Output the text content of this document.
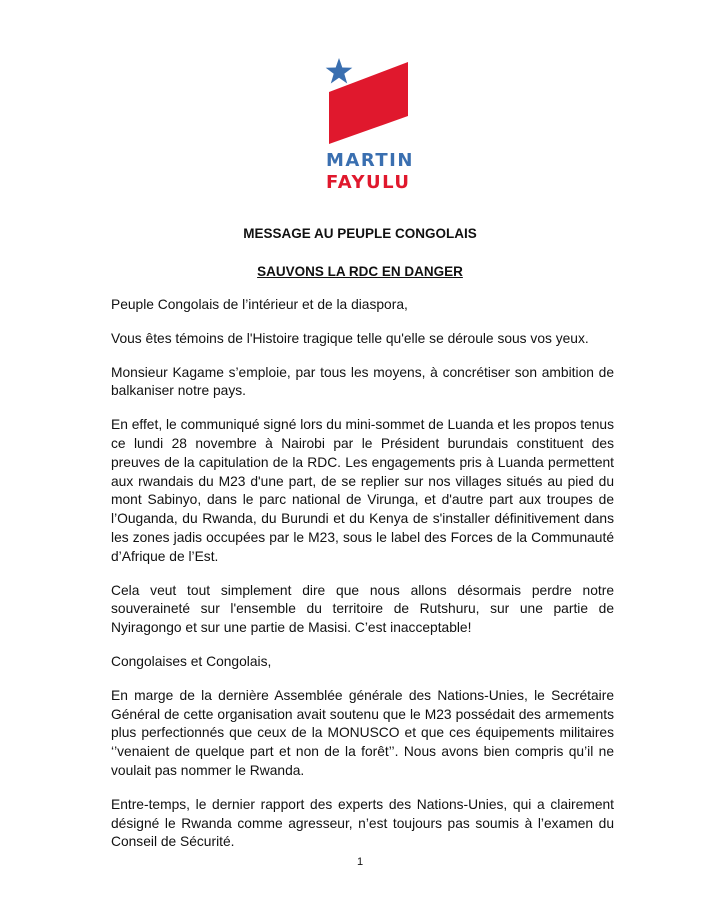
MARTIN
FAYULU
MESSAGE AU PEUPLE CONGOLAIS
SAUVONS LA RDC EN DANGER

Peuple Congolais de l’intérieur et de la diaspora,

Vous êtes témoins de l'Histoire tragique telle qu'elle se déroule sous vos yeux.

Monsieur Kagame s’emploie, par tous les moyens, à concrétiser son ambition de balkaniser notre pays.

En effet, le communiqué signé lors du mini-sommet de Luanda et les propos tenus ce lundi 28 novembre à Nairobi par le Président burundais constituent des preuves de la capitulation de la RDC. Les engagements pris à Luanda permettent aux rwandais du M23 d'une part, de se replier sur nos villages situés au pied du mont Sabinyo, dans le parc national de Virunga, et d'autre part aux troupes de l’Ouganda, du Rwanda, du Burundi et du Kenya de s'installer définitivement dans les zones jadis occupées par le M23, sous le label des Forces de la Communauté d’Afrique de l’Est.

Cela veut tout simplement dire que nous allons désormais perdre notre souveraineté sur l'ensemble du territoire de Rutshuru, sur une partie de Nyiragongo et sur une partie de Masisi. C’est inacceptable!

Congolaises et Congolais,

En marge de la dernière Assemblée générale des Nations-Unies, le Secrétaire Général de cette organisation avait soutenu que le M23 possédait des armements plus perfectionnés que ceux de la MONUSCO et que ces équipements militaires ‘’venaient de quelque part et non de la forêt’’. Nous avons bien compris qu’il ne voulait pas nommer le Rwanda.

Entre-temps, le dernier rapport des experts des Nations-Unies, qui a clairement désigné le Rwanda comme agresseur, n’est toujours pas soumis à l’examen du Conseil de Sécurité.

1
